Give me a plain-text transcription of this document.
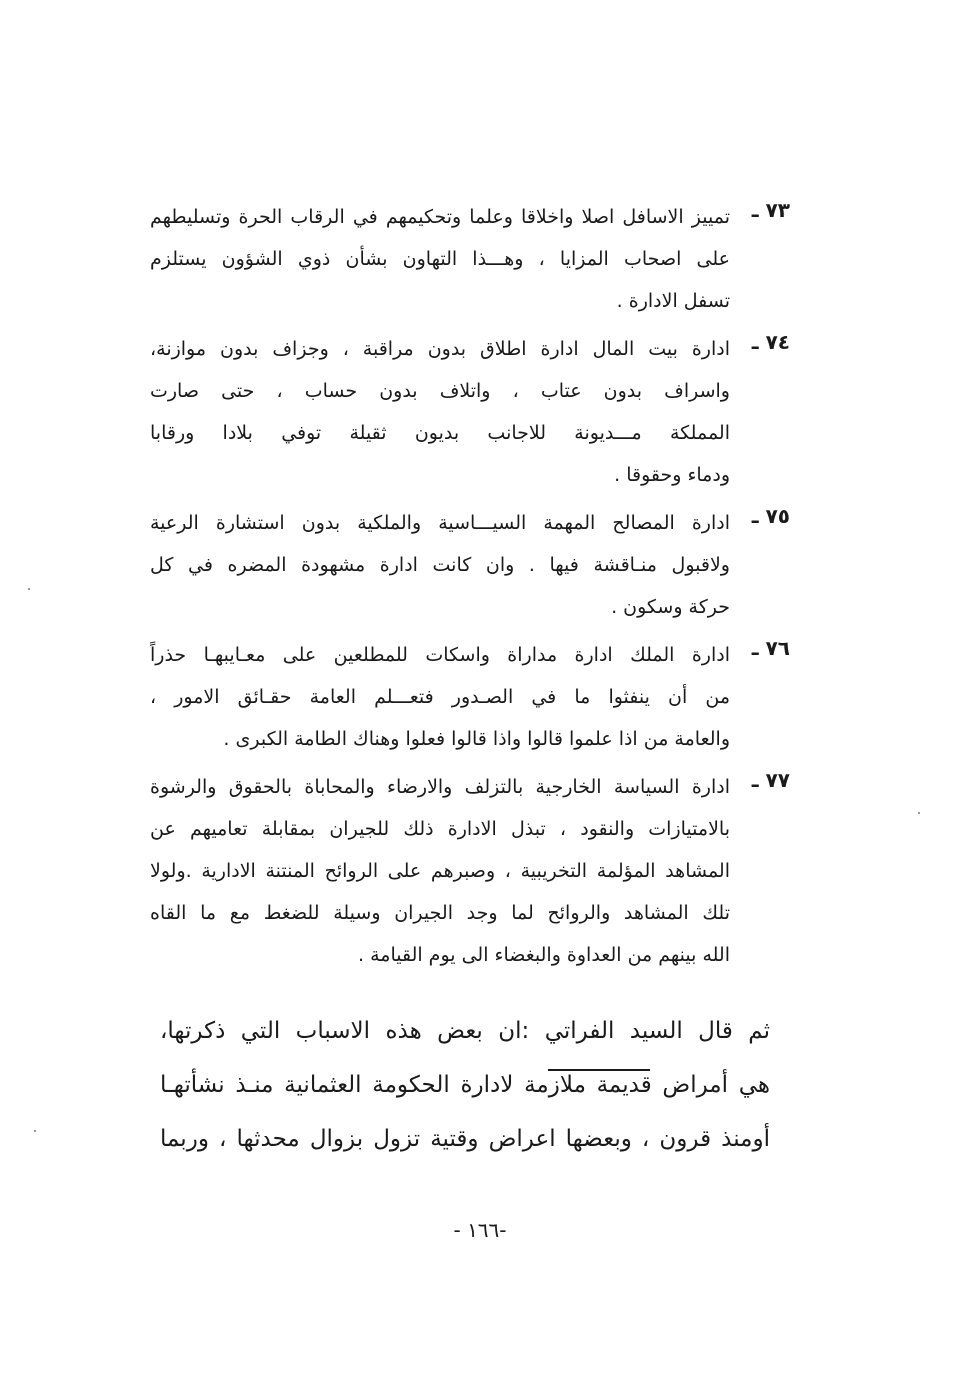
٧٣ ـ
تمييز الاسافل اصلا واخلاقا وعلما وتحكيمهم في الرقاب الحرة وتسليطهم
على اصحاب المزايا ، وهـــذا التهاون بشأن ذوي الشؤون يستلزم
تسفل الادارة .
٧٤ ـ
ادارة بيت المال ادارة اطلاق بدون مراقبة ، وجزاف بدون موازنة،
واسراف بدون عتاب ، واتلاف بدون حساب ، حتى صارت
المملكة مـــديونة للاجانب بديون ثقيلة توفي بلادا ورقابا
ودماء وحقوقا .
٧٥ ـ
ادارة المصالح المهمة السيـــاسية والملكية بدون استشارة الرعية
ولاقبول منـاقشة فيها . وان كانت ادارة مشهودة المضره في كل
حركة وسكون .
٧٦ ـ
ادارة الملك ادارة مداراة واسكات للمطلعين على معـايبهـا حذراً
من أن ينفثوا ما في الصـدور فتعـــلم العامة حقـائق الامور ،
والعامة من اذا علموا قالوا واذا قالوا فعلوا وهناك الطامة الكبرى .
٧٧ ـ
ادارة السياسة الخارجية بالتزلف والارضاء والمحاباة بالحقوق والرشوة
بالامتيازات والنقود ، تبذل الادارة ذلك للجيران بمقابلة تعاميهم عن
المشاهد المؤلمة التخريبية ، وصبرهم على الروائح المنتنة الادارية .ولولا
تلك المشاهد والروائح لما وجد الجيران وسيلة للضغط مع ما القاه
الله بينهم من العداوة والبغضاء الى يوم القيامة .
ثم قال السيد الفراتي :ان بعض هذه الاسباب التي ذكرتها،
هي أمراض قديمة ملازمة لادارة الحكومة العثمانية منـذ نشأتهـا
أومنذ قرون ، وبعضها اعراض وقتية تزول بزوال محدثها ، وربما
-١٦٦ -
